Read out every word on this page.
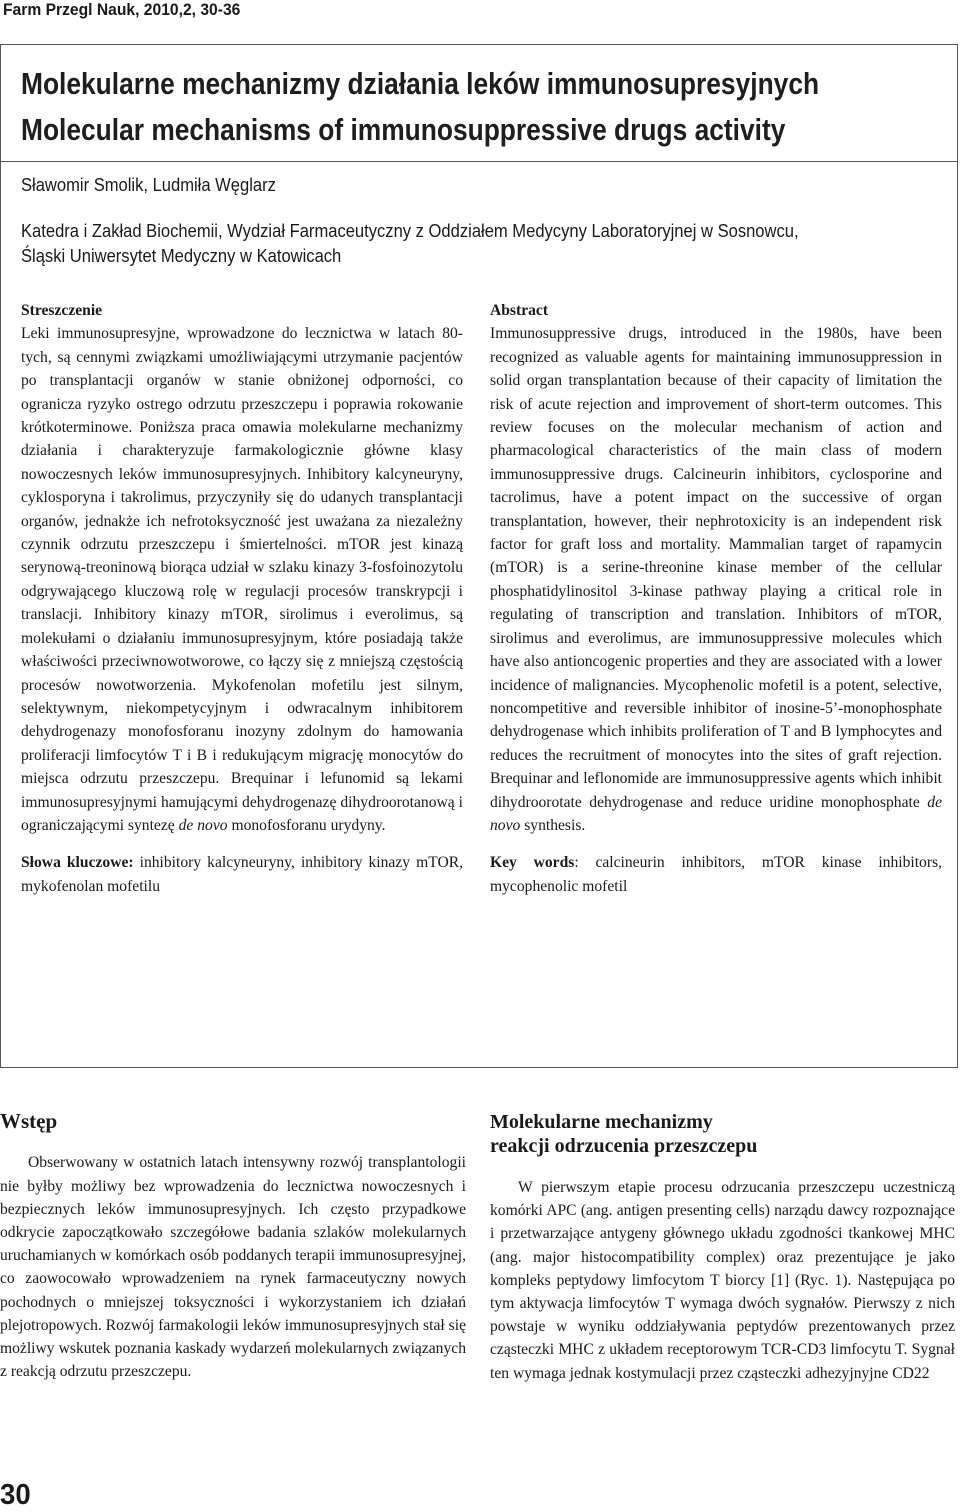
Farm Przegl Nauk, 2010,2, 30-36
Molekularne mechanizmy działania leków immunosupresyjnych
Molecular mechanisms of immunosuppressive drugs activity
Sławomir Smolik, Ludmiła Węglarz
Katedra i Zakład Biochemii, Wydział Farmaceutyczny z Oddziałem Medycyny Laboratoryjnej w Sosnowcu,
Śląski Uniwersytet Medyczny w Katowicach
Streszczenie

Leki immunosupresyjne, wprowadzone do lecznictwa w latach 80-tych, są cennymi związkami umożliwiającymi utrzymanie pacjentów po transplantacji organów w stanie obniżonej odporności, co ogranicza ryzyko ostrego odrzutu przeszczepu i poprawia rokowanie krótkoterminowe. Poniższa praca omawia molekularne mechanizmy działania i charakteryzuje farmakologicznie główne klasy nowoczesnych leków immunosupresyjnych. Inhibitory kalcyneuryny, cyklosporyna i takrolimus, przyczyniły się do udanych transplantacji organów, jednakże ich nefrotoksyczność jest uważana za niezależny czynnik odrzutu przeszczepu i śmiertelności. mTOR jest kinazą serynową-treoninową biorąca udział w szlaku kinazy 3-fosfoinozytolu odgrywającego kluczową rolę w regulacji procesów transkrypcji i translacji. Inhibitory kinazy mTOR, sirolimus i everolimus, są molekułami o działaniu immunosupresyjnym, które posiadają także właściwości przeciwnowotworowe, co łączy się z mniejszą częstością procesów nowotworzenia. Mykofenolan mofetilu jest silnym, selektywnym, niekompetycyjnym i odwracalnym inhibitorem dehydrogenazy monofosforanu inozyny zdolnym do hamowania proliferacji limfocytów T i B i redukującym migrację monocytów do miejsca odrzutu przeszczepu. Brequinar i lefunomid są lekami immunosupresyjnymi hamującymi dehydrogenazę dihydroorotanową i ograniczającymi syntezę de novo monofosforanu urydyny.

Słowa kluczowe: inhibitory kalcyneuryny, inhibitory kinazy mTOR, mykofenolan mofetilu

Abstract

Immunosuppressive drugs, introduced in the 1980s, have been recognized as valuable agents for maintaining immunosuppression in solid organ transplantation because of their capacity of limitation the risk of acute rejection and improvement of short-term outcomes. This review focuses on the molecular mechanism of action and pharmacological characteristics of the main class of modern immunosuppressive drugs. Calcineurin inhibitors, cyclosporine and tacrolimus, have a potent impact on the successive of organ transplantation, however, their nephrotoxicity is an independent risk factor for graft loss and mortality. Mammalian target of rapamycin (mTOR) is a serine-threonine kinase member of the cellular phosphatidylinositol 3-kinase pathway playing a critical role in regulating of transcription and translation. Inhibitors of mTOR, sirolimus and everolimus, are immunosuppressive molecules which have also antioncogenic properties and they are associated with a lower incidence of malignancies. Mycophenolic mofetil is a potent, selective, noncompetitive and reversible inhibitor of inosine-5’-monophosphate dehydrogenase which inhibits proliferation of T and B lymphocytes and reduces the recruitment of monocytes into the sites of graft rejection. Brequinar and leflonomide are immunosuppressive agents which inhibit dihydroorotate dehydrogenase and reduce uridine monophosphate de novo synthesis.

Key words: calcineurin inhibitors, mTOR kinase inhibitors, mycophenolic mofetil

Wstęp

Obserwowany w ostatnich latach intensywny rozwój transplantologii nie byłby możliwy bez wprowadzenia do lecznictwa nowoczesnych i bezpiecznych leków immunosupresyjnych. Ich często przypadkowe odkrycie zapoczątkowało szczegółowe badania szlaków molekularnych uruchamianych w komórkach osób poddanych terapii immunosupresyjnej, co zaowocowało wprowadzeniem na rynek farmaceutyczny nowych pochodnych o mniejszej toksyczności i wykorzystaniem ich działań plejotropowych. Rozwój farmakologii leków immunosupresyjnych stał się możliwy wskutek poznania kaskady wydarzeń molekularnych związanych z reakcją odrzutu przeszczepu.

Molekularne mechanizmy
reakcji odrzucenia przeszczepu

W pierwszym etapie procesu odrzucania przeszczepu uczestniczą komórki APC (ang. antigen presenting cells) narządu dawcy rozpoznające i przetwarzające antygeny głównego układu zgodności tkankowej MHC (ang. major histocompatibility complex) oraz prezentujące je jako kompleks peptydowy limfocytom T biorcy [1] (Ryc. 1). Następująca po tym aktywacja limfocytów T wymaga dwóch sygnałów. Pierwszy z nich powstaje w wyniku oddziaływania peptydów prezentowanych przez cząsteczki MHC z układem receptorowym TCR-CD3 limfocytu T. Sygnał ten wymaga jednak kostymulacji przez cząsteczki adhezyjnyjne CD22

30
